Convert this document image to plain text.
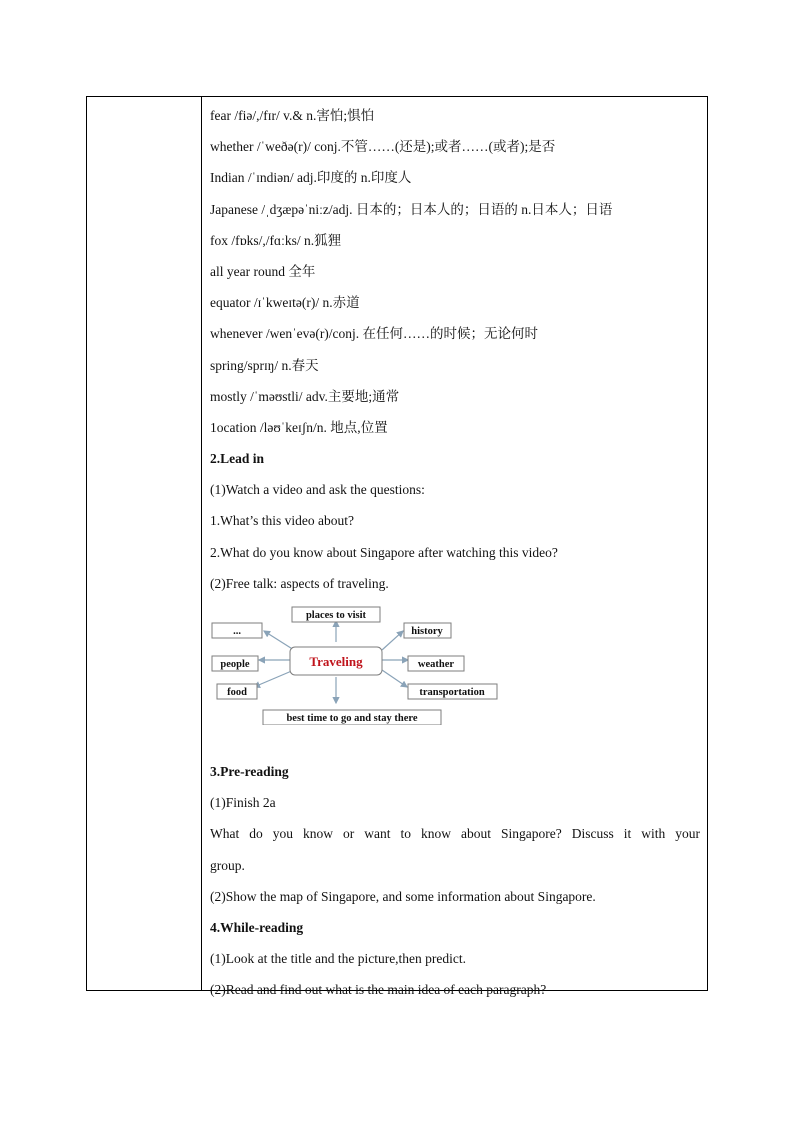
fear /fiə/,/fɪr/ v.& n.害怕;惧怕
whether /ˈweðə(r)/ conj.不管……(还是);或者……(或者);是否
Indian /ˈɪndiən/ adj.印度的 n.印度人
Japanese /ˌdʒæpəˈniːz/adj. 日本的；日本人的；日语的 n.日本人；日语
fox /fɒks/,/fɑːks/ n.狐狸
all year round 全年
equator /ɪˈkweɪtə(r)/ n.赤道
whenever /wenˈevə(r)/conj. 在任何……的时候；无论何时
spring/sprɪŋ/ n.春天
mostly /ˈməʊstli/ adv.主要地;通常
1ocation /ləʊˈkeɪʃn/n. 地点,位置
2.Lead in
(1)Watch a video and ask the questions:
1.What’s this video about?
2.What do you know about Singapore after watching this video?
(2)Free talk: aspects of traveling.
Traveling
places to visit
best time to go and stay there
...
people
food
history
weather
transportation
3.Pre-reading
(1)Finish 2a
What do you know or want to know about Singapore? Discuss it with your
group.
(2)Show the map of Singapore, and some information about Singapore.
4.While-reading
(1)Look at the title and the picture,then predict.
(2)Read and find out what is the main idea of each paragraph?
